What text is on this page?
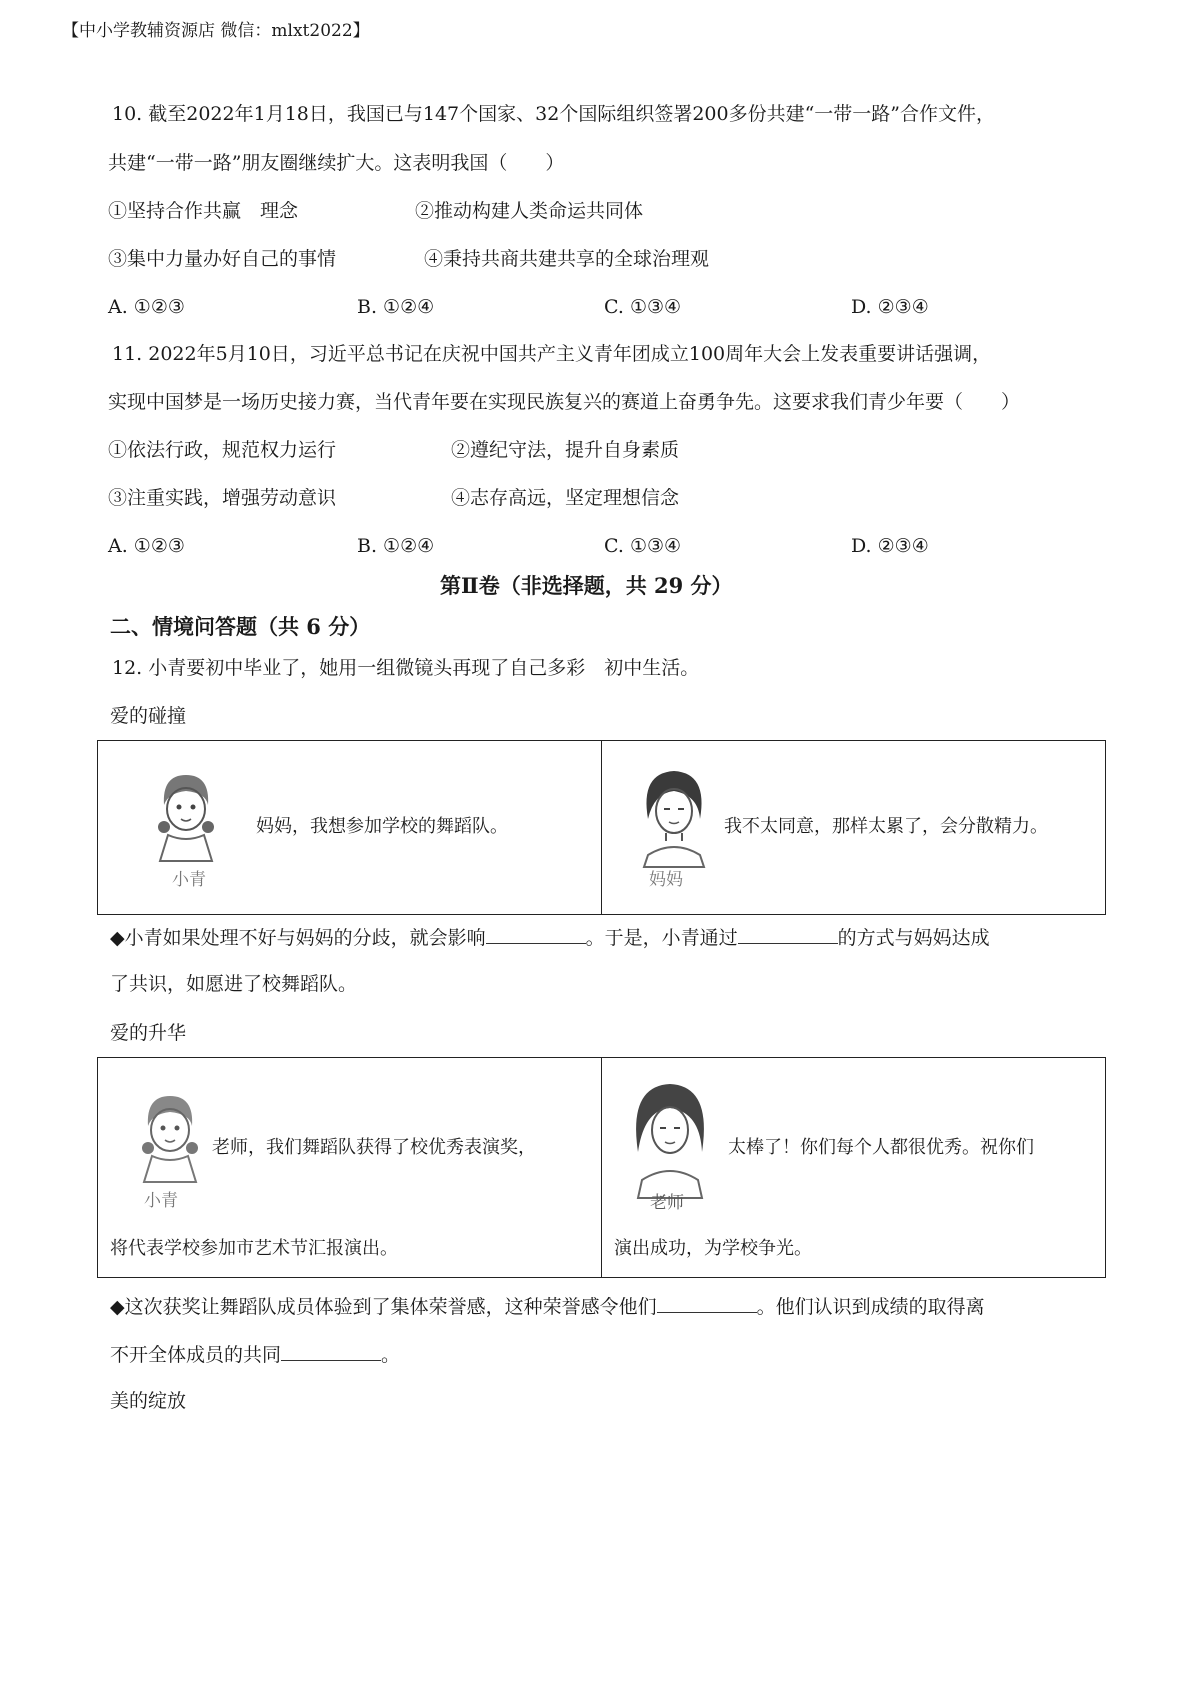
【中小学教辅资源店 微信：mlxt2022】
10. 截至2022年1月18日，我国已与147个国家、32个国际组织签署200多份共建“一带一路”合作文件，
共建“一带一路”朋友圈继续扩大。这表明我国（　　）
①坚持合作共赢　理念	②推动构建人类命运共同体
③集中力量办好自己的事情	④秉持共商共建共享的全球治理观
A. ①②③	B. ①②④	C. ①③④	D. ②③④
11. 2022年5月10日，习近平总书记在庆祝中国共产主义青年团成立100周年大会上发表重要讲话强调，
实现中国梦是一场历史接力赛，当代青年要在实现民族复兴的赛道上奋勇争先。这要求我们青少年要（　　）
①依法行政，规范权力运行	②遵纪守法，提升自身素质
③注重实践，增强劳动意识	④志存高远，坚定理想信念
A. ①②③	B. ①②④	C. ①③④	D. ②③④
第Ⅱ卷（非选择题，共 29 分）
二、情境问答题（共 6 分）
12. 小青要初中毕业了，她用一组微镜头再现了自己多彩　初中生活。
爱的碰撞
小青
妈妈，我想参加学校的舞蹈队。

妈妈
我不太同意，那样太累了，会分散精力。
◆小青如果处理不好与妈妈的分歧，就会影响	。于是，小青通过	的方式与妈妈达成
了共识，如愿进了校舞蹈队。
爱的升华
小青
老师，我们舞蹈队获得了校优秀表演奖，
将代表学校参加市艺术节汇报演出。

老师
太棒了！你们每个人都很优秀。祝你们
演出成功，为学校争光。
◆这次获奖让舞蹈队成员体验到了集体荣誉感，这种荣誉感令他们	。他们认识到成绩的取得离
不开全体成员的共同	。
美的绽放
